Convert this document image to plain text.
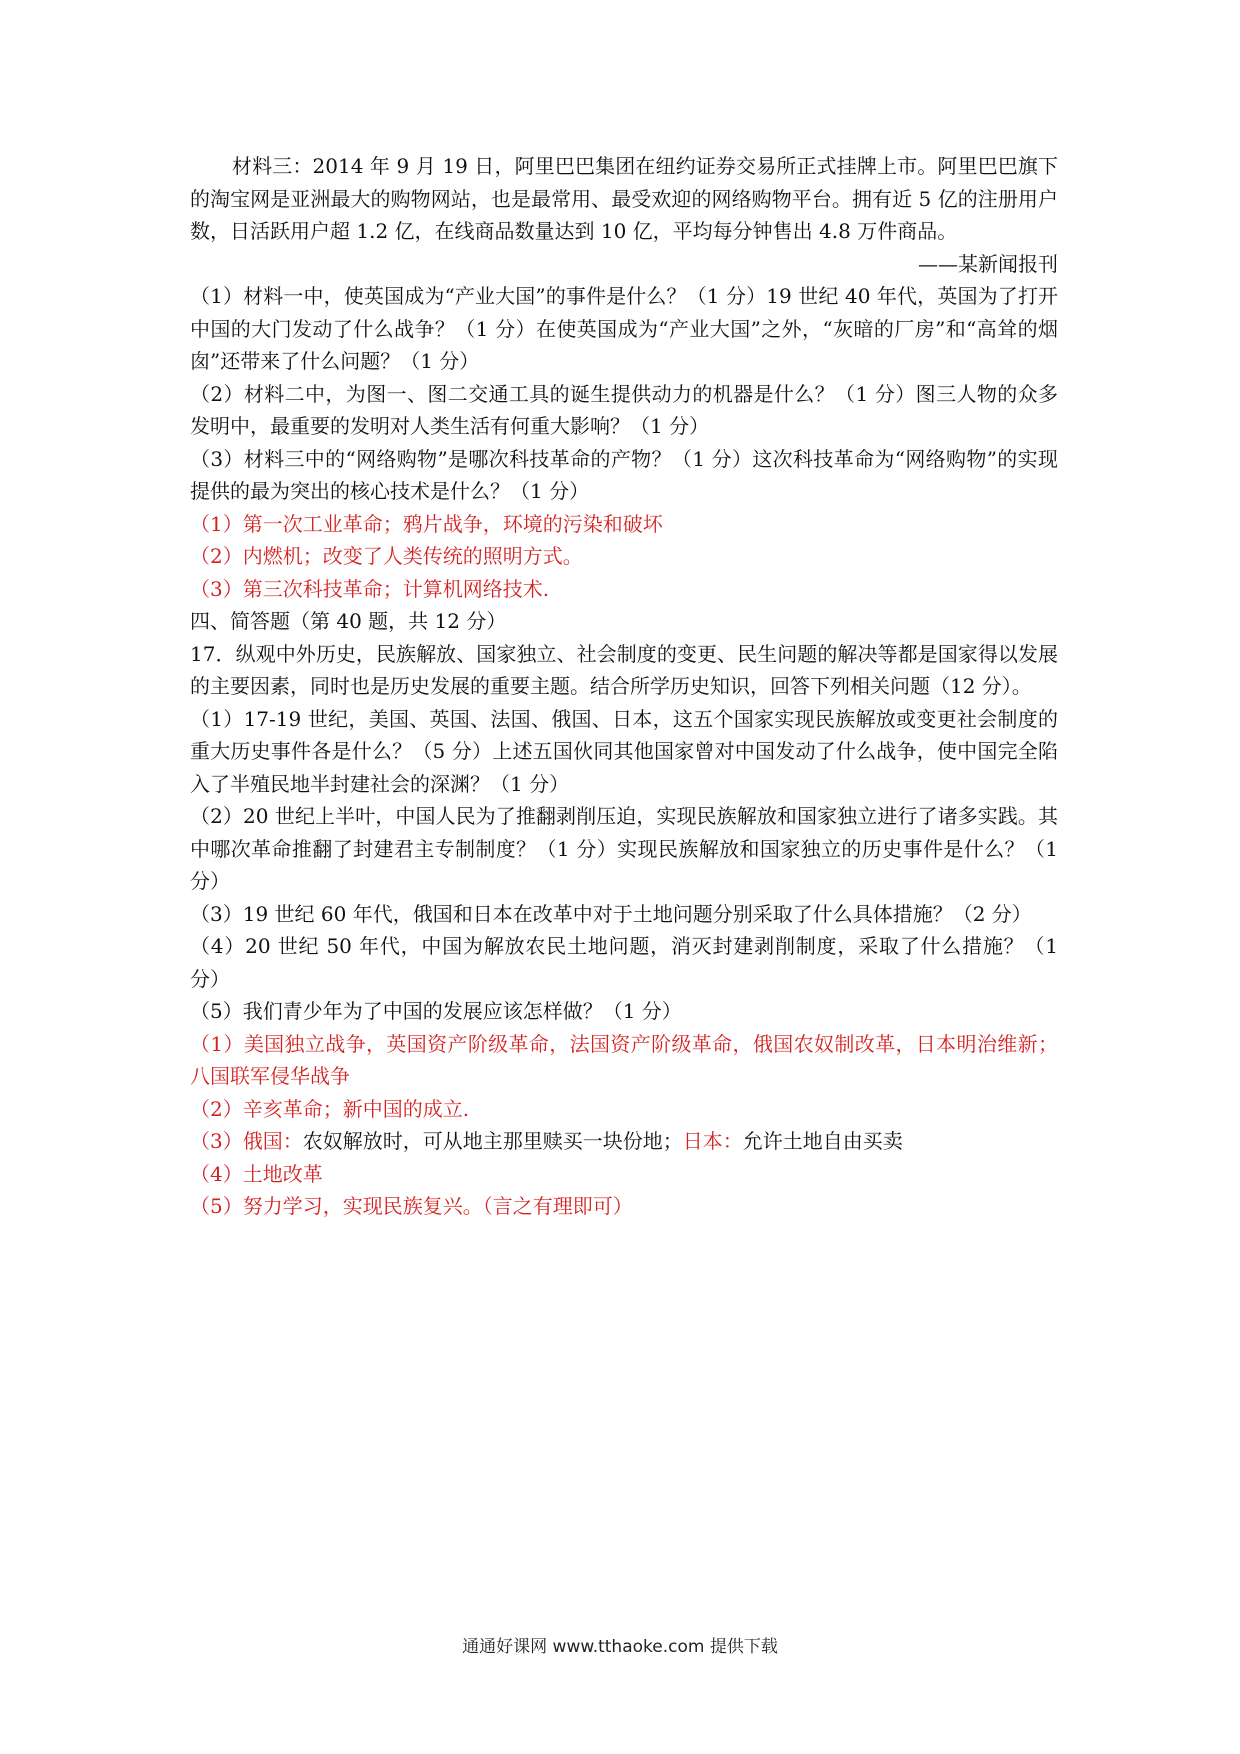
材料三：2014 年 9 月 19 日，阿里巴巴集团在纽约证券交易所正式挂牌上市。阿里巴巴旗下的淘宝网是亚洲最大的购物网站，也是最常用、最受欢迎的网络购物平台。拥有近 5 亿的注册用户数，日活跃用户超 1.2 亿，在线商品数量达到 10 亿，平均每分钟售出 4.8 万件商品。

——某新闻报刊

（1）材料一中，使英国成为“产业大国”的事件是什么？（1 分）19 世纪 40 年代，英国为了打开中国的大门发动了什么战争？（1 分）在使英国成为“产业大国”之外，“灰暗的厂房”和“高耸的烟囱”还带来了什么问题？（1 分）

（2）材料二中，为图一、图二交通工具的诞生提供动力的机器是什么？（1 分）图三人物的众多发明中，最重要的发明对人类生活有何重大影响？（1 分）

（3）材料三中的“网络购物”是哪次科技革命的产物？（1 分）这次科技革命为“网络购物”的实现提供的最为突出的核心技术是什么？（1 分）

（1）第一次工业革命；鸦片战争，环境的污染和破坏

（2）内燃机；改变了人类传统的照明方式。

（3）第三次科技革命；计算机网络技术.

四、简答题（第 40 题，共 12 分）

17．纵观中外历史，民族解放、国家独立、社会制度的变更、民生问题的解决等都是国家得以发展的主要因素，同时也是历史发展的重要主题。结合所学历史知识，回答下列相关问题（12 分）。

（1）17-19 世纪，美国、英国、法国、俄国、日本，这五个国家实现民族解放或变更社会制度的重大历史事件各是什么？（5 分）上述五国伙同其他国家曾对中国发动了什么战争，使中国完全陷入了半殖民地半封建社会的深渊？（1 分）

（2）20 世纪上半叶，中国人民为了推翻剥削压迫，实现民族解放和国家独立进行了诸多实践。其中哪次革命推翻了封建君主专制制度？（1 分）实现民族解放和国家独立的历史事件是什么？（1 分）

（3）19 世纪 60 年代，俄国和日本在改革中对于土地问题分别采取了什么具体措施？（2 分）

（4）20 世纪 50 年代，中国为解放农民土地问题，消灭封建剥削制度，采取了什么措施？（1 分）

（5）我们青少年为了中国的发展应该怎样做？（1 分）

（1）美国独立战争，英国资产阶级革命，法国资产阶级革命，俄国农奴制改革，日本明治维新；八国联军侵华战争

（2）辛亥革命；新中国的成立.

（3）俄国：农奴解放时，可从地主那里赎买一块份地；日本：允许土地自由买卖

（4）土地改革

（5）努力学习，实现民族复兴。（言之有理即可）

通通好课网 www.tthaoke.com 提供下载
